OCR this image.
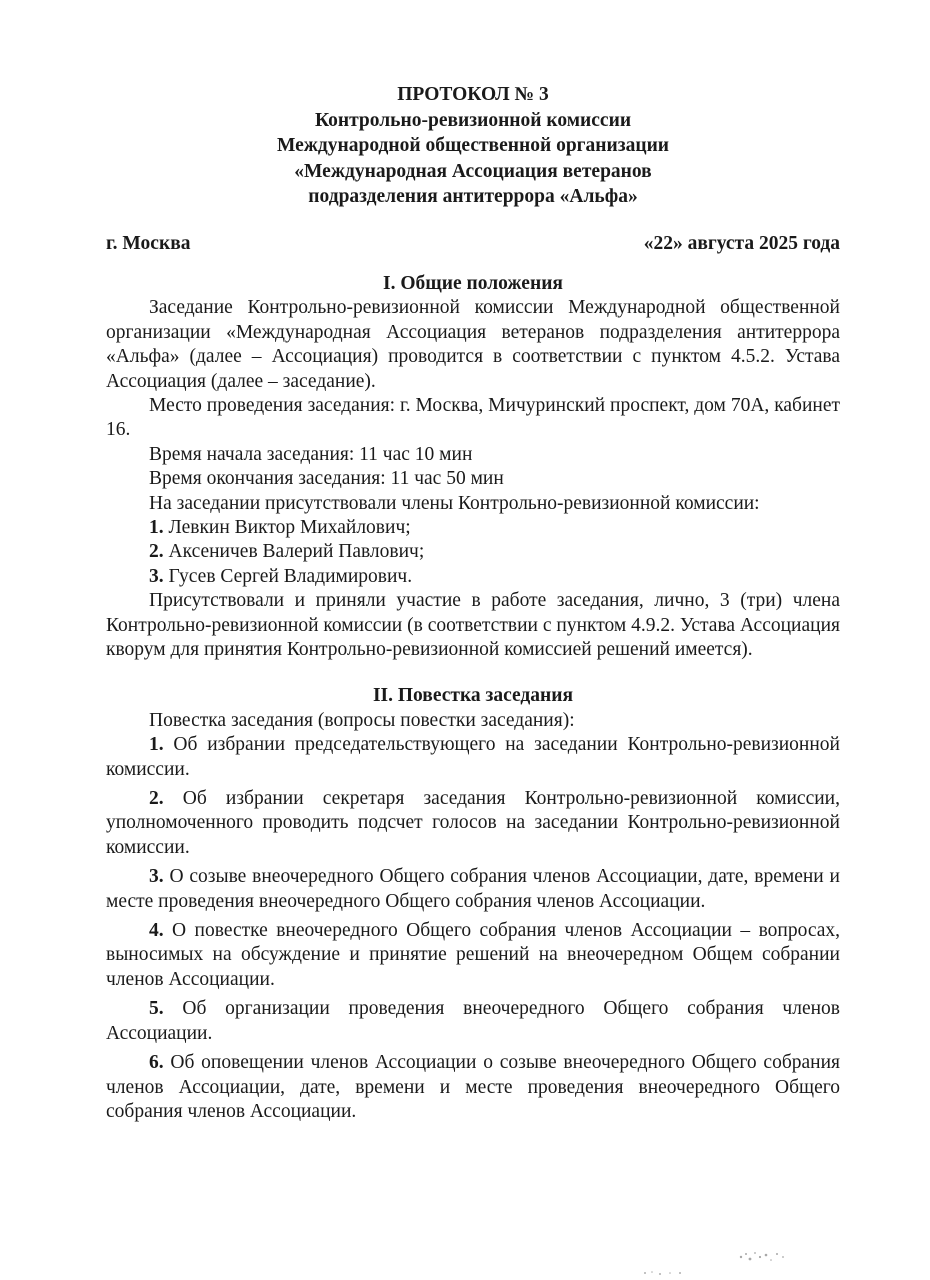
ПРОТОКОЛ № 3
Контрольно-ревизионной комиссии
Международной общественной организации
«Международная Ассоциация ветеранов
подразделения антитеррора «Альфа»
г. Москва	«22» августа 2025 года
I. Общие положения

Заседание Контрольно-ревизионной комиссии Международной общественной организации «Международная Ассоциация ветеранов подразделения антитеррора «Альфа» (далее – Ассоциация) проводится в соответствии с пунктом 4.5.2. Устава Ассоциация (далее – заседание).

Место проведения заседания: г. Москва, Мичуринский проспект, дом 70А, кабинет 16.

Время начала заседания: 11 час 10 мин

Время окончания заседания: 11 час 50 мин

На заседании присутствовали члены Контрольно-ревизионной комиссии:

1. Левкин Виктор Михайлович;

2. Аксеничев Валерий Павлович;

3. Гусев Сергей Владимирович.

Присутствовали и приняли участие в работе заседания, лично, 3 (три) члена Контрольно-ревизионной комиссии (в соответствии с пунктом 4.9.2. Устава Ассоциация кворум для принятия Контрольно-ревизионной комиссией решений имеется).

II. Повестка заседания

Повестка заседания (вопросы повестки заседания):

1. Об избрании председательствующего на заседании Контрольно-ревизионной комиссии.

2. Об избрании секретаря заседания Контрольно-ревизионной комиссии, уполномоченного проводить подсчет голосов на заседании Контрольно-ревизионной комиссии.

3. О созыве внеочередного Общего собрания членов Ассоциации, дате, времени и месте проведения внеочередного Общего собрания членов Ассоциации.

4. О повестке внеочередного Общего собрания членов Ассоциации – вопросах, выносимых на обсуждение и принятие решений на внеочередном Общем собрании членов Ассоциации.

5. Об организации проведения внеочередного Общего собрания членов Ассоциации.

6. Об оповещении членов Ассоциации о созыве внеочередного Общего собрания членов Ассоциации, дате, времени и месте проведения внеочередного Общего собрания членов Ассоциации.
